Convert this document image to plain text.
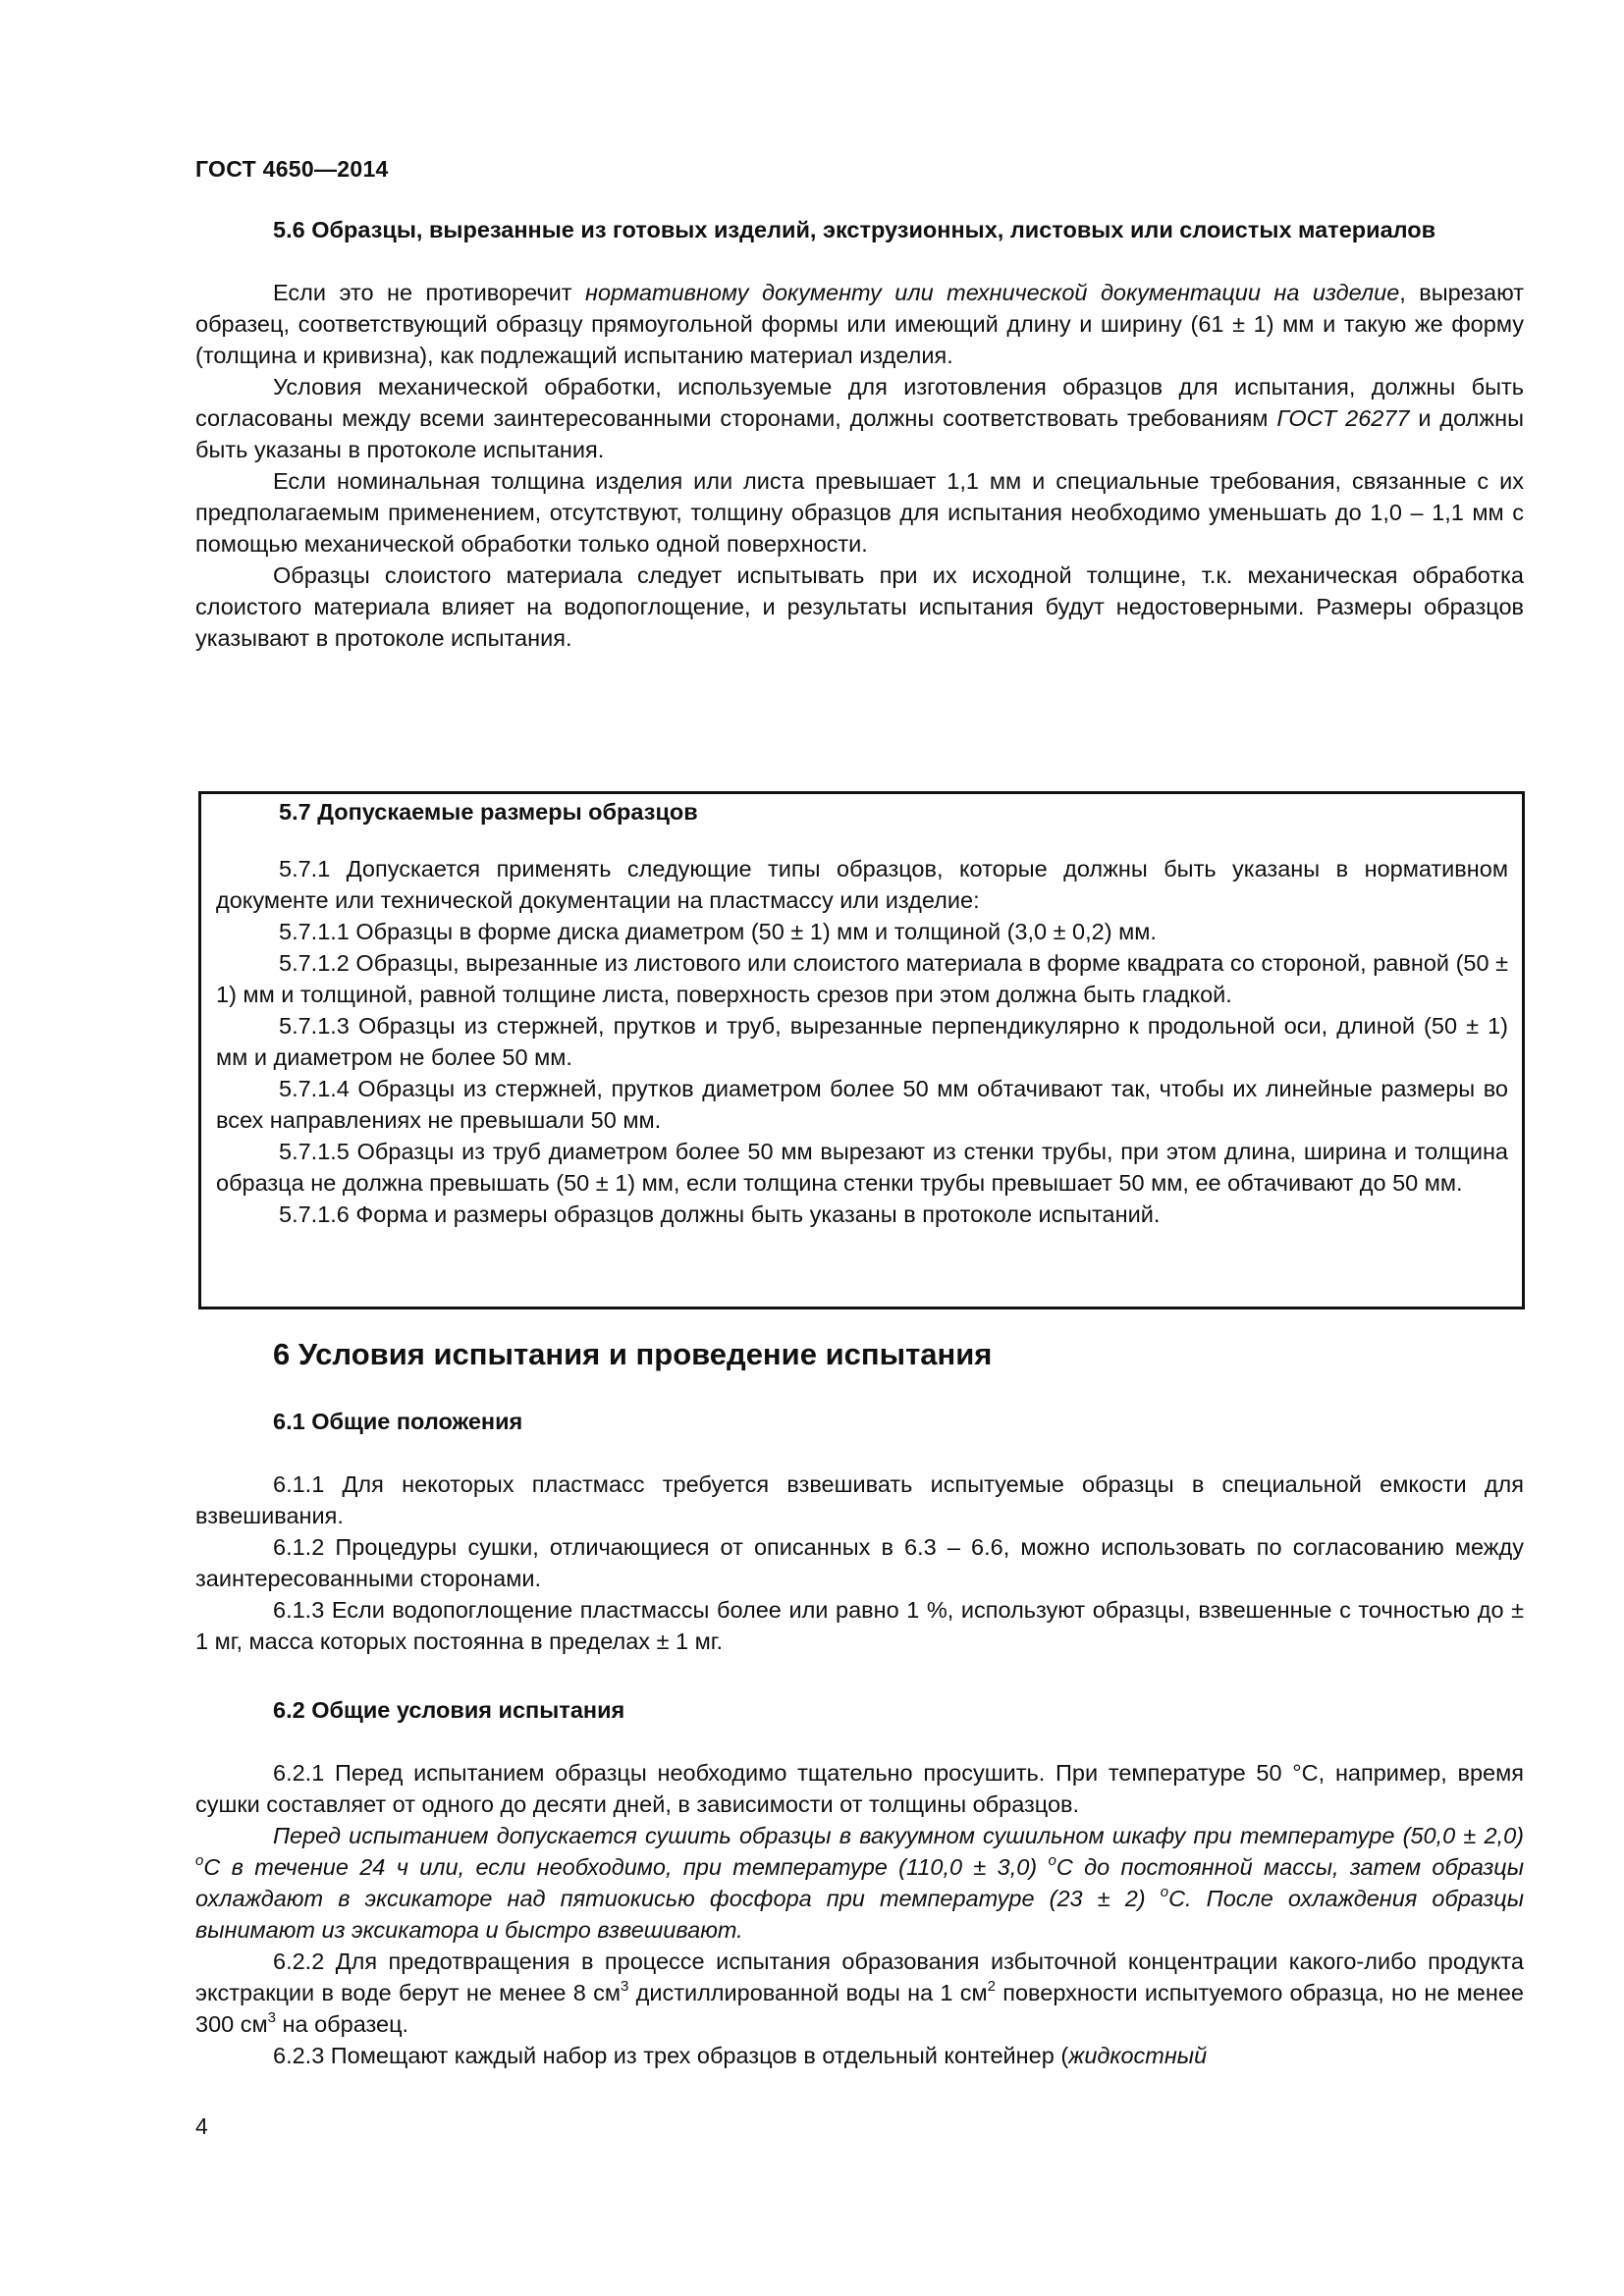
ГОСТ 4650—2014
5.6 Образцы, вырезанные из готовых изделий, экструзионных, листовых или слоистых материалов

Если это не противоречит нормативному документу или технической документации на изделие, вырезают образец, соответствующий образцу прямоугольной формы или имеющий длину и ширину (61 ± 1) мм и такую же форму (толщина и кривизна), как подлежащий испытанию материал изделия.

Условия механической обработки, используемые для изготовления образцов для испытания, должны быть согласованы между всеми заинтересованными сторонами, должны соответствовать требованиям ГОСТ 26277 и должны быть указаны в протоколе испытания.

Если номинальная толщина изделия или листа превышает 1,1 мм и специальные требования, связанные с их предполагаемым применением, отсутствуют, толщину образцов для испытания необходимо уменьшать до 1,0 – 1,1 мм с помощью механической обработки только одной поверхности.

Образцы слоистого материала следует испытывать при их исходной толщине, т.к. механическая обработка слоистого материала влияет на водопоглощение, и результаты испытания будут недостоверными. Размеры образцов указывают в протоколе испытания.

5.7 Допускаемые размеры образцов

5.7.1 Допускается применять следующие типы образцов, которые должны быть указаны в нормативном документе или технической документации на пластмассу или изделие:

5.7.1.1 Образцы в форме диска диаметром (50 ± 1) мм и толщиной (3,0 ± 0,2) мм.

5.7.1.2 Образцы, вырезанные из листового или слоистого материала в форме квадрата со стороной, равной (50 ± 1) мм и толщиной, равной толщине листа, поверхность срезов при этом должна быть гладкой.

5.7.1.3 Образцы из стержней, прутков и труб, вырезанные перпендикулярно к продольной оси, длиной (50 ± 1) мм и диаметром не более 50 мм.

5.7.1.4 Образцы из стержней, прутков диаметром более 50 мм обтачивают так, чтобы их линейные размеры во всех направлениях не превышали 50 мм.

5.7.1.5 Образцы из труб диаметром более 50 мм вырезают из стенки трубы, при этом длина, ширина и толщина образца не должна превышать (50 ± 1) мм, если толщина стенки трубы превышает 50 мм, ее обтачивают до 50 мм.

5.7.1.6 Форма и размеры образцов должны быть указаны в протоколе испытаний.

6 Условия испытания и проведение испытания
6.1 Общие положения

6.1.1 Для некоторых пластмасс требуется взвешивать испытуемые образцы в специальной емкости для взвешивания.

6.1.2 Процедуры сушки, отличающиеся от описанных в 6.3 – 6.6, можно использовать по согласованию между заинтересованными сторонами.

6.1.3 Если водопоглощение пластмассы более или равно 1 %, используют образцы, взвешенные с точностью до ± 1 мг, масса которых постоянна в пределах ± 1 мг.

6.2 Общие условия испытания

6.2.1 Перед испытанием образцы необходимо тщательно просушить. При температуре 50 °С, например, время сушки составляет от одного до десяти дней, в зависимости от толщины образцов.

Перед испытанием допускается сушить образцы в вакуумном сушильном шкафу при температуре (50,0 ± 2,0) $^o$С в течение 24 ч или, если необходимо, при температуре (110,0 ± 3,0) $^o$С до постоянной массы, затем образцы охлаждают в эксикаторе над пятиокисью фосфора при температуре (23 ± 2) $^o$С. После охлаждения образцы вынимают из эксикатора и быстро взвешивают.

6.2.2 Для предотвращения в процессе испытания образования избыточной концентрации какого-либо продукта экстракции в воде берут не менее 8 $см^3$ дистиллированной воды на 1 $см^2$ поверхности испытуемого образца, но не менее 300 $см^3$ на образец.

6.2.3 Помещают каждый набор из трех образцов в отдельный контейнер (жидкостный

4
